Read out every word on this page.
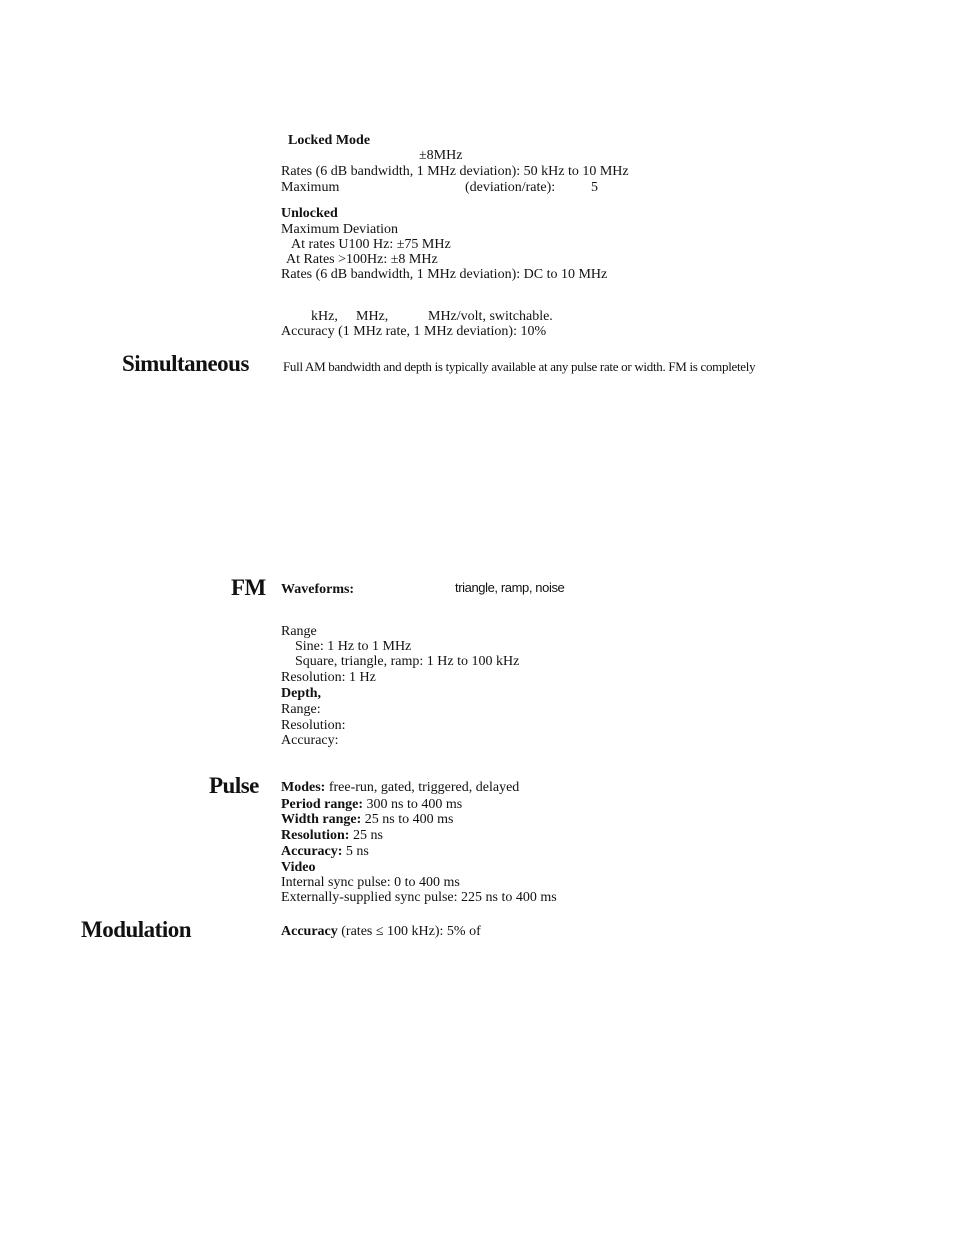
Locked Mode
±8MHz
Rates (6 dB bandwidth, 1 MHz deviation): 50 kHz to 10 MHz
Maximum	(deviation/rate):	5
Unlocked
Maximum Deviation
At rates U100 Hz: ±75 MHz
At Rates >100Hz: ±8 MHz
Rates (6 dB bandwidth, 1 MHz deviation): DC to 10 MHz
kHz, MHz,	MHz/volt, switchable.
Accuracy (1 MHz rate, 1 MHz deviation): 10%
Simultaneous	Full AM bandwidth and depth is typically available at any pulse rate or width. FM is completely
FM Waveforms:	triangle, ramp, noise
Range
Sine: 1 Hz to 1 MHz
Square, triangle, ramp: 1 Hz to 100 kHz
Resolution: 1 Hz
Depth,
Range:
Resolution:
Accuracy:
Pulse Modes: free-run, gated, triggered, delayed
Period range: 300 ns to 400 ms
Width range: 25 ns to 400 ms
Resolution: 25 ns
Accuracy: 5 ns
Video
Internal sync pulse: 0 to 400 ms
Externally-supplied sync pulse: 225 ns to 400 ms
Modulation	Accuracy (rates ≤ 100 kHz): 5% of
